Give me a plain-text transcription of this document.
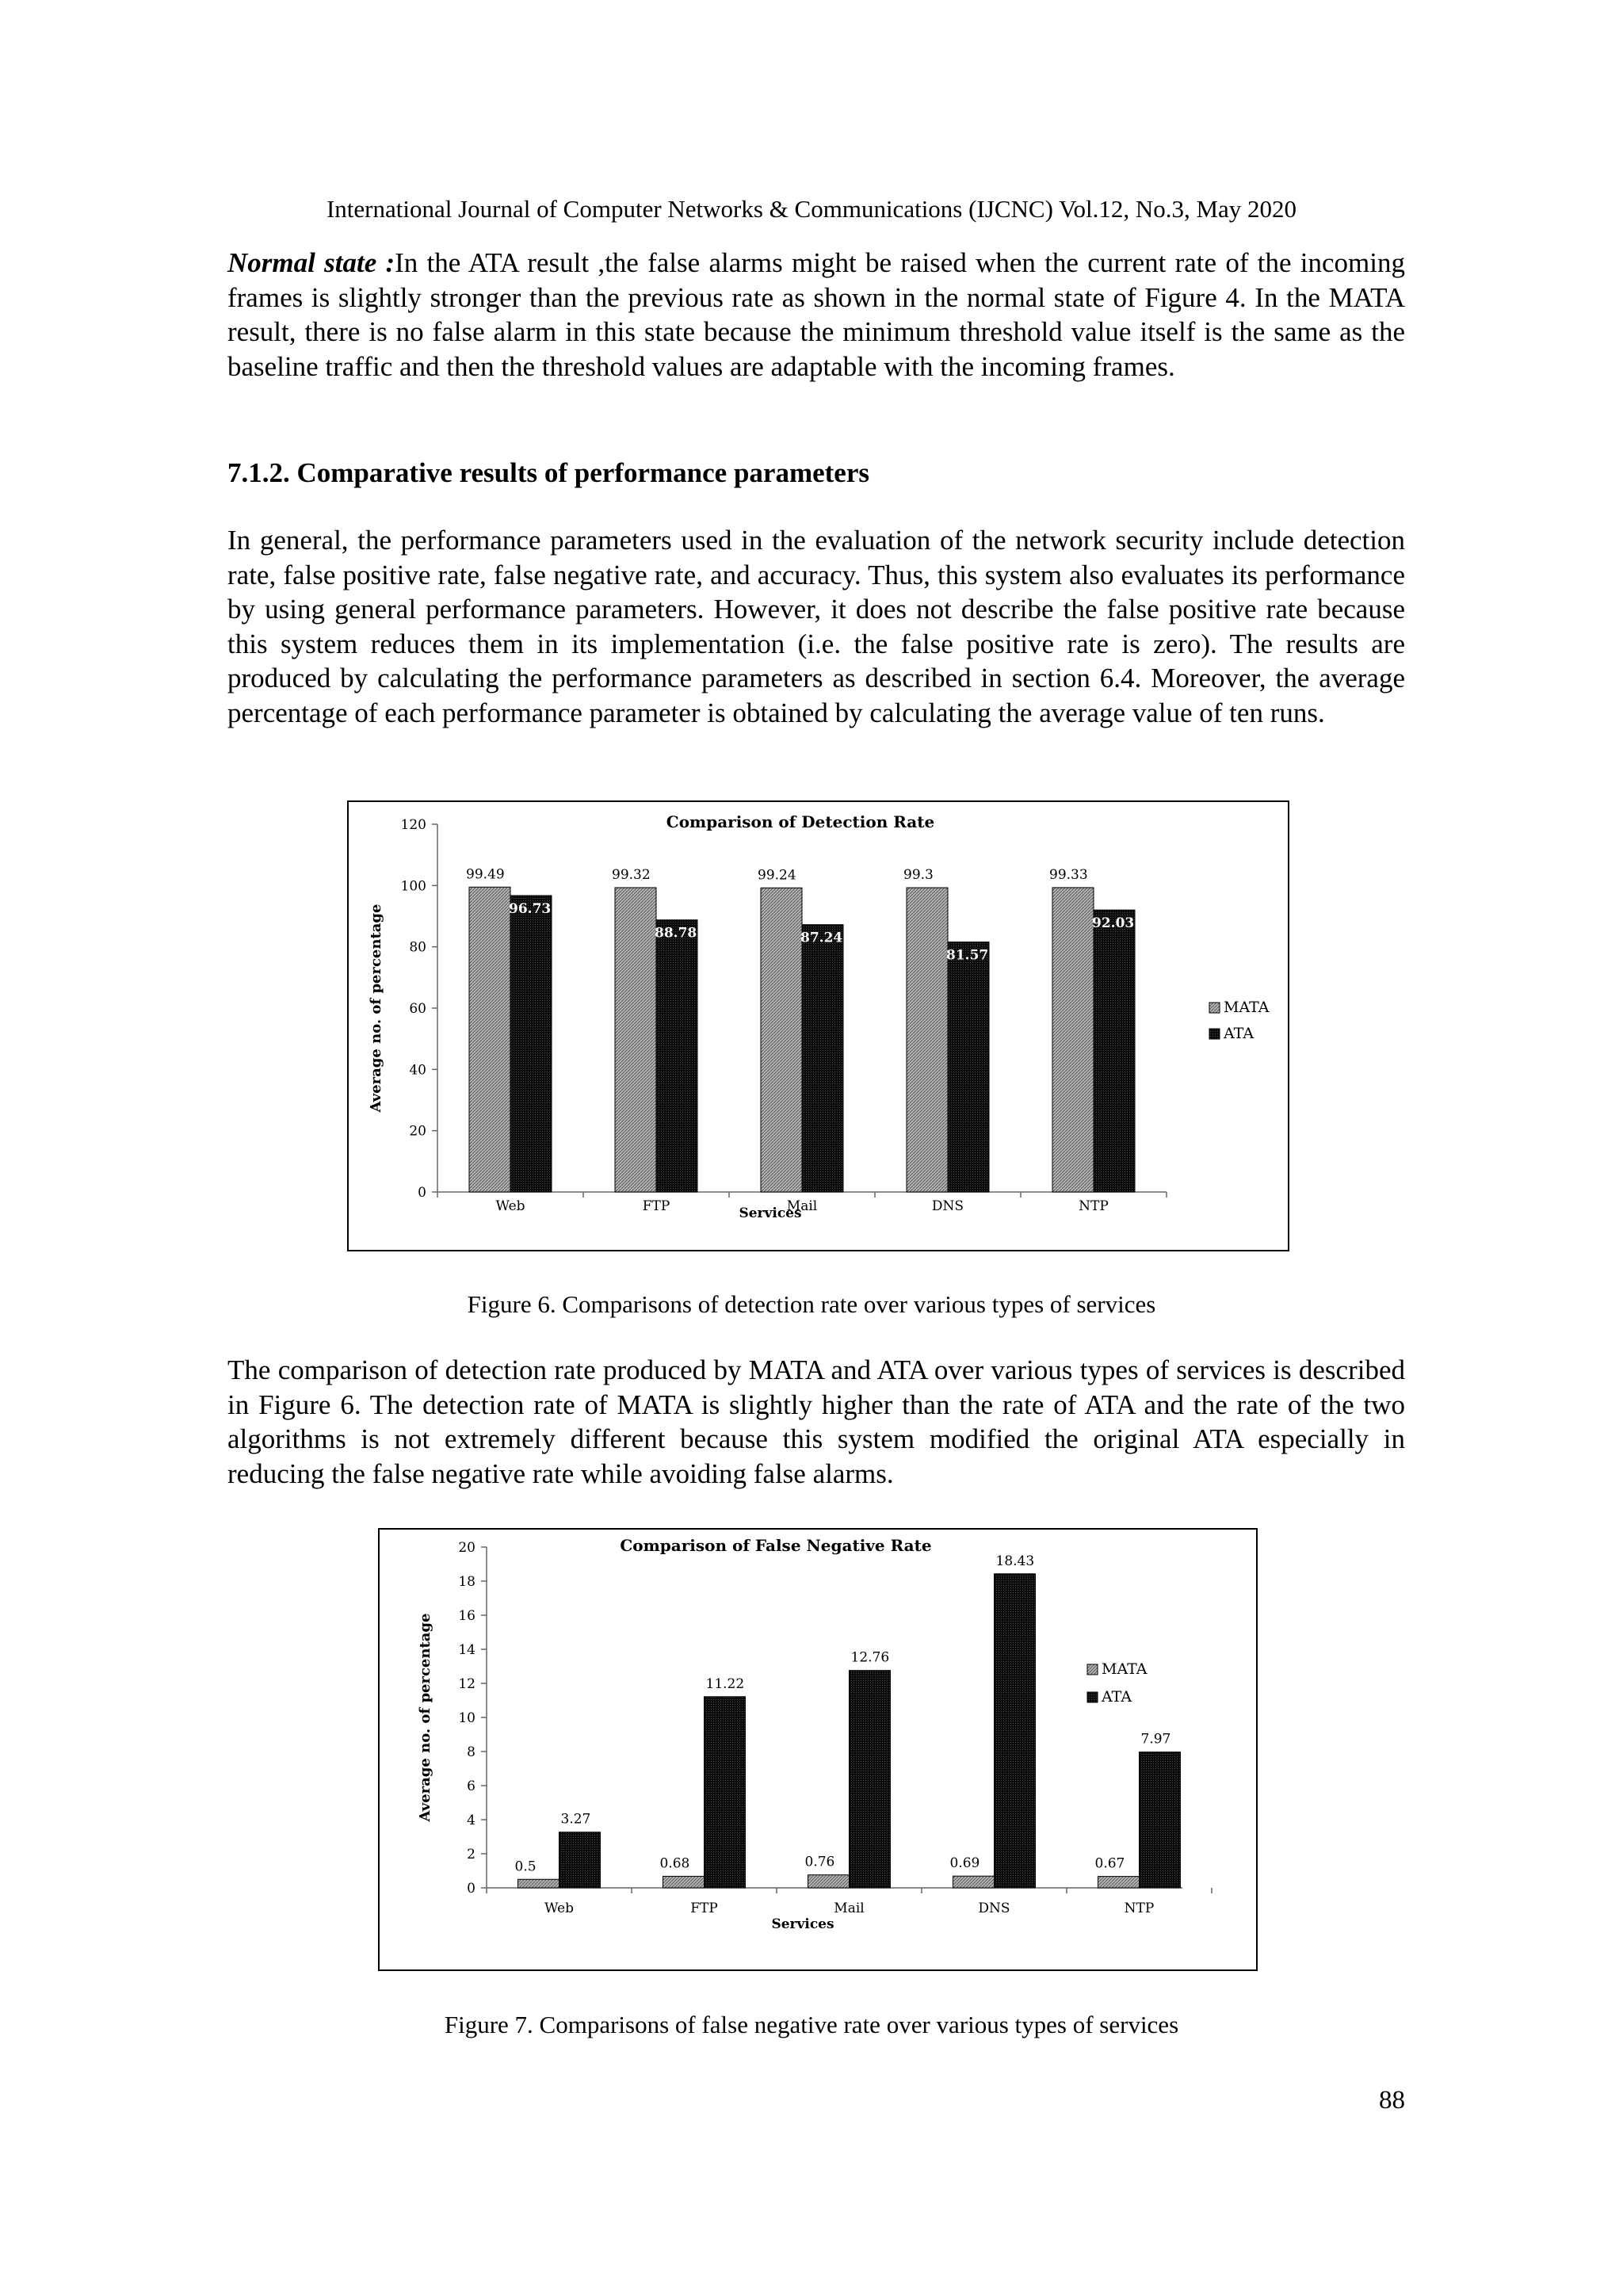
International Journal of Computer Networks & Communications (IJCNC) Vol.12, No.3, May 2020

Normal state :In the ATA result ,the false alarms might be raised when the current rate of the incoming frames is slightly stronger than the previous rate as shown in the normal state of Figure 4. In the MATA result, there is no false alarm in this state because the minimum threshold value itself is the same as the baseline traffic and then the threshold values are adaptable with the incoming frames.

7.1.2. Comparative results of performance parameters

In general, the performance parameters used in the evaluation of the network security include detection rate, false positive rate, false negative rate, and accuracy. Thus, this system also evaluates its performance by using general performance parameters. However, it does not describe the false positive rate because this system reduces them in its implementation (i.e. the false positive rate is zero). The results are produced by calculating the performance parameters as described in section 6.4. Moreover, the average percentage of each performance parameter is obtained by calculating the average value of ten runs.

0
20
40
60
80
100
120
99.49
96.73
Web
99.32
88.78
FTP
99.24
87.24
Mail
99.3
81.57
DNS
99.33
92.03
NTP
Comparison of Detection Rate
Services
Average no. of percentage	MATA
ATA
Figure 6. Comparisons of detection rate over various types of services

The comparison of detection rate produced by MATA and ATA over various types of services is described in Figure 6. The detection rate of MATA is slightly higher than the rate of ATA and the rate of the two algorithms is not extremely different because this system modified the original ATA especially in reducing the false negative rate while avoiding false alarms.

0
2
4
6
8
10
12
14
16
18
20
0.5
3.27
Web
0.68
11.22
FTP
0.76
12.76
Mail
0.69
18.43
DNS
0.67
7.97
NTP
Comparison of False Negative Rate
Services
Average no. of percentage	MATA
ATA
Figure 7. Comparisons of false negative rate over various types of services
88
